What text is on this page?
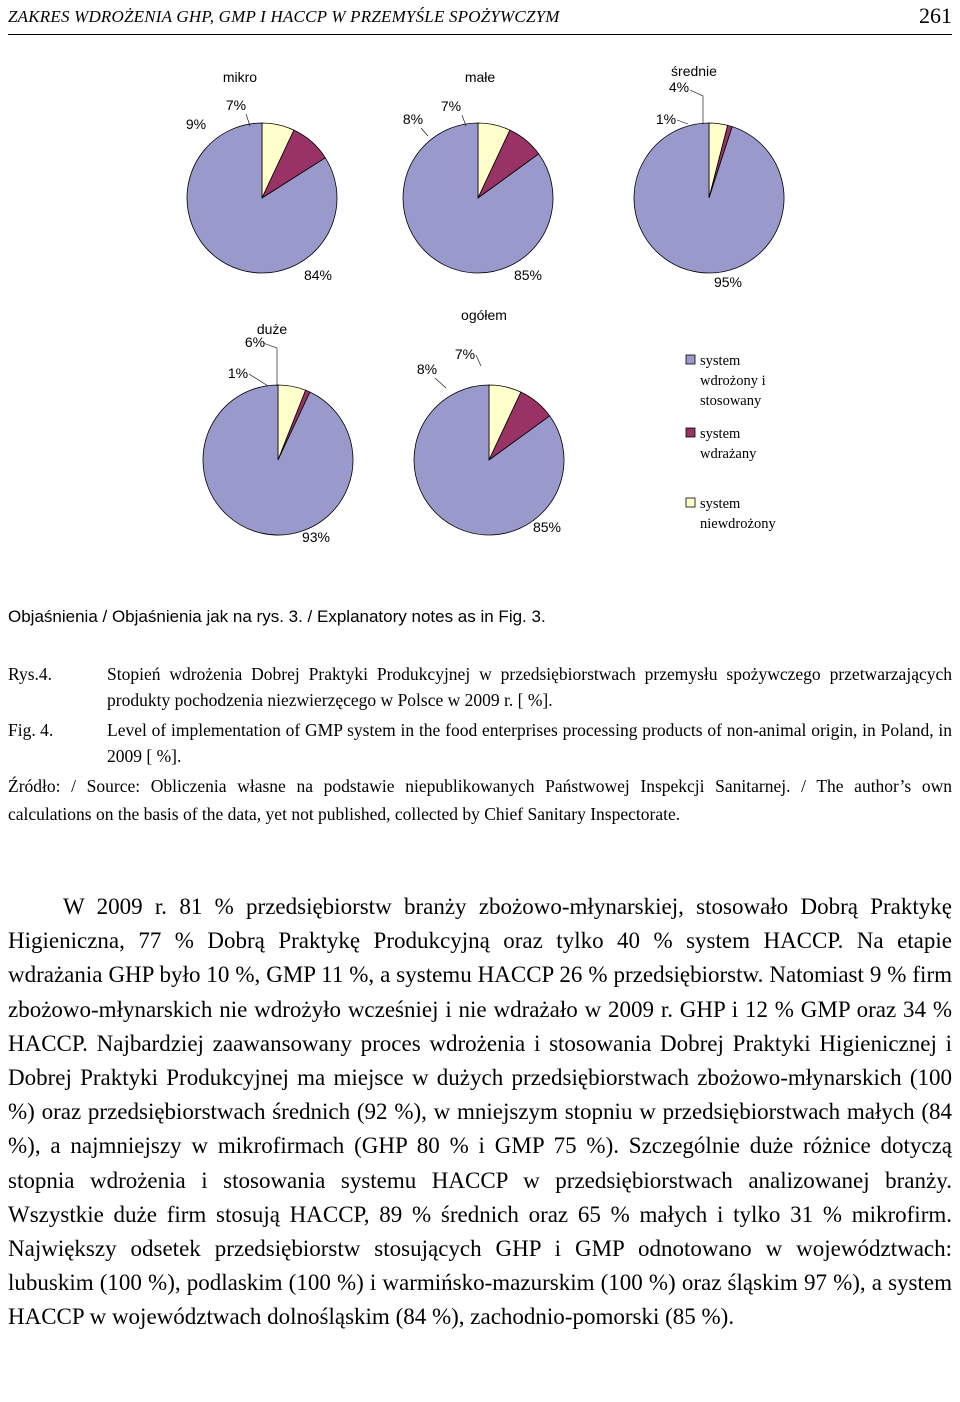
ZAKRES WDROŻENIA GHP, GMP I HACCP W PRZEMYŚLE SPOŻYWCZYM	261
mikro
84%
9%
7%
małe
85%
8%
7%
średnie
95%
1%
4%
duże
93%
1%
6%
ogółem
85%
8%
7%	system
wdrożony i
stosowany
system
wdrażany
system
niewdrożony
Objaśnienia / Objaśnienia jak na rys. 3. / Explanatory notes as in Fig. 3.
Rys.4.	Stopień wdrożenia Dobrej Praktyki Produkcyjnej w przedsiębiorstwach przemysłu spożywczego przetwarzających produkty pochodzenia niezwierzęcego w Polsce w 2009 r. [ %].
Fig. 4.	Level of implementation of GMP system in the food enterprises processing products of non-animal origin, in Poland, in 2009 [ %].
Źródło: / Source: Obliczenia własne na podstawie niepublikowanych Państwowej Inspekcji Sanitarnej. / The author’s own calculations on the basis of the data, yet not published, collected by Chief Sanitary Inspectorate.
W 2009 r. 81 % przedsiębiorstw branży zbożowo-młynarskiej, stosowało Dobrą Praktykę Higieniczna, 77 % Dobrą Praktykę Produkcyjną oraz tylko 40 % system HACCP. Na etapie wdrażania GHP było 10 %, GMP 11 %, a systemu HACCP 26 % przedsiębiorstw. Natomiast 9 % firm zbożowo-młynarskich nie wdrożyło wcześniej i nie wdrażało w 2009 r. GHP i 12 % GMP oraz 34 % HACCP. Najbardziej zaawansowany proces wdrożenia i stosowania Dobrej Praktyki Higienicznej i Dobrej Praktyki Produkcyjnej ma miejsce w dużych przedsiębiorstwach zbożowo-młynarskich (100 %) oraz przedsiębiorstwach średnich (92 %), w mniejszym stopniu w przedsiębiorstwach małych (84 %), a najmniejszy w mikrofirmach (GHP 80 % i GMP 75 %). Szczególnie duże różnice dotyczą stopnia wdrożenia i stosowania systemu HACCP w przedsiębiorstwach analizowanej branży. Wszystkie duże firm stosują HACCP, 89 % średnich oraz 65 % małych i tylko 31 % mikrofirm. Największy odsetek przedsiębiorstw stosujących GHP i GMP odnotowano w województwach: lubuskim (100 %), podlaskim (100 %) i warmińsko-mazurskim (100 %) oraz śląskim 97 %), a system HACCP w województwach dolnośląskim (84 %), zachodnio-pomorski (85 %).
